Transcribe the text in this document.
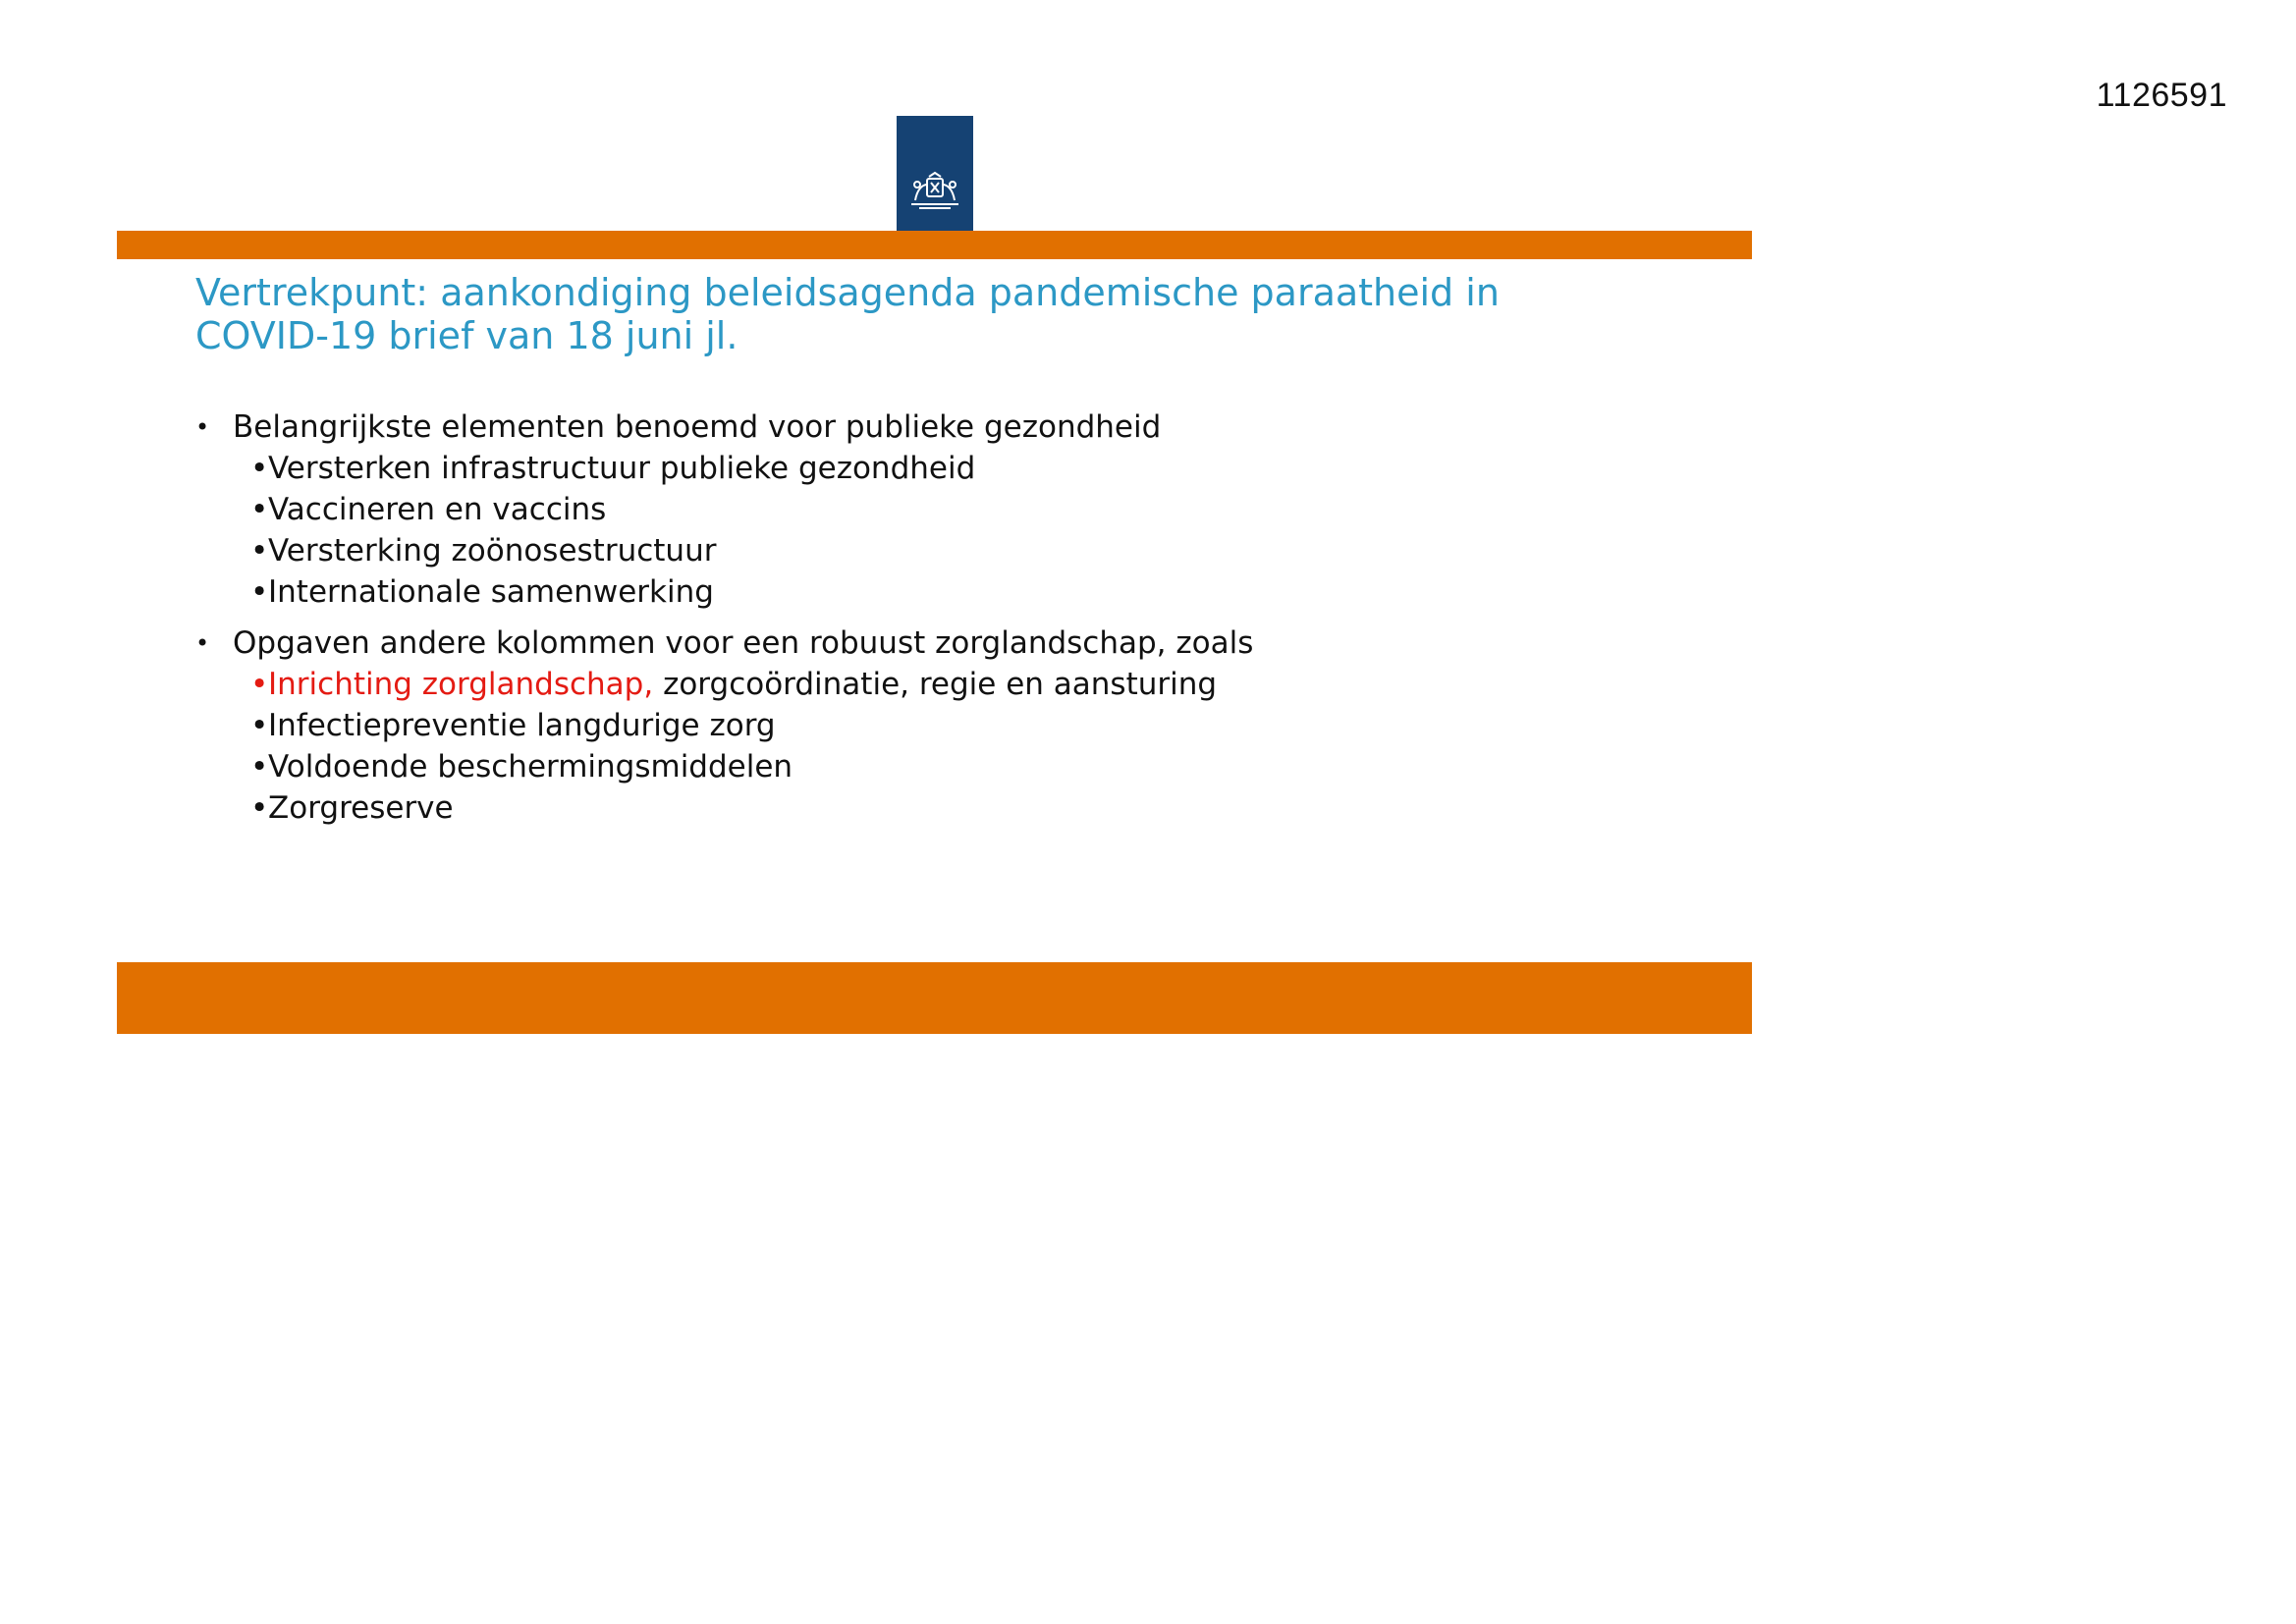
1126591
Vertrekpunt: aankondiging beleidsagenda pandemische paraatheid in
COVID-19 brief van 18 juni jl.
• Belangrijkste elementen benoemd voor publieke gezondheid
•Versterken infrastructuur publieke gezondheid
•Vaccineren en vaccins
•Versterking zoönosestructuur
•Internationale samenwerking
• Opgaven andere kolommen voor een robuust zorglandschap, zoals
•Inrichting zorglandschap, zorgcoördinatie, regie en aansturing
•Infectiepreventie langdurige zorg
•Voldoende beschermingsmiddelen
•Zorgreserve
